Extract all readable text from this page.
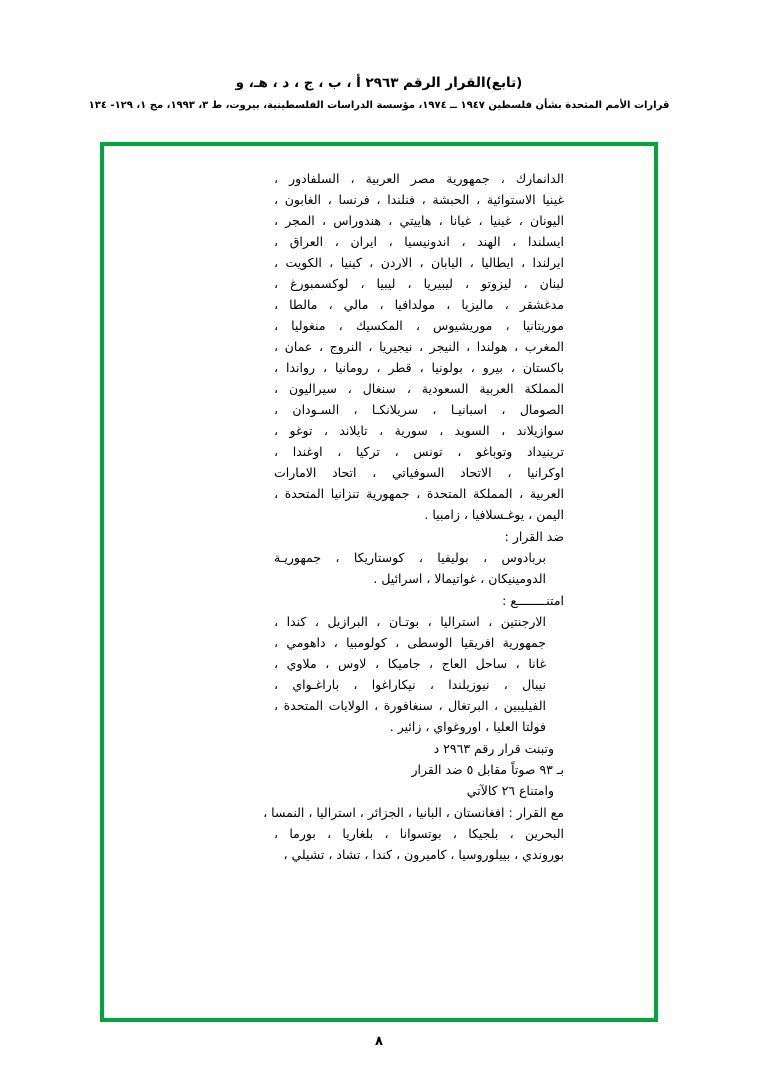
(تابع)القرار الرقم ٢٩٦٣ أ ، ب ، ج ، د ، هـ، و
قرارات الأمم المتحدة بشأن فلسطين ١٩٤٧ ــ ١٩٧٤، مؤسسة الدراسات الفلسطينية، بيروت، ط ٣، ١٩٩٣، مج ١، ١٢٩- ١٣٤
الدانمارك ، جمهورية مصر العربية ، السلفادور ،
غينيا الاستوائية ، الحبشة ، فنلندا ، فرنسا ، الغابون ،
اليونان ، غينيا ، غيانا ، هاييتي ، هندوراس ، المجر ،
ايسلندا ، الهند ، اندونيسيا ، ايران ، العراق ،
ايرلندا ، ايطاليا ، اليابان ، الاردن ، كينيا ، الكويت ،
لبنان ، ليزوتو ، ليبيريا ، ليبيا ، لوكسمبورغ ،
مدغشقر ، ماليزيا ، مولدافيا ، مالي ، مالطا ،
موريتانيا ، موريشيوس ، المكسيك ، منغوليا ،
المغرب ، هولندا ، النيجر ، نيجيريا ، النروج ، عمان ،
باكستان ، بيرو ، بولونيا ، قطر ، رومانيا ، رواندا ،
المملكة العربية السعودية ، سنغال ، سيراليون ،
الصومال ، اسبانيـا ، سريلانكـا ، السـودان ،
سوازيلاند ، السويد ، سورية ، تايلاند ، توغو ،
ترينيداد وتوباغو ، تونس ، تركيا ، اوغندا ،
اوكرانيا ، الاتحاد السوفياتي ، اتحاد الامارات
العربية ، المملكة المتحدة ، جمهورية تنزانيا المتحدة ،
اليمن ، يوغـسلافيا ، زامبيا .
ضد القرار :
بربادوس ، بوليفيا ، كوستاريكا ، جمهوريـة
الدومينيكان ، غواتيمالا ، اسرائيل .
امتنــــــــع :
الارجنتين ، استراليا ، بوتـان ، البرازيل ، كندا ،
جمهورية افريقيا الوسطى ، كولومبيا ، داهومي ،
غانا ، ساحل العاج ، جاميكا ، لاوس ، ملاوي ،
نيبال ، نيوزيلندا ، نيكاراغوا ، باراغـواي ،
الفيليبين ، البرتغال ، سنغافورة ، الولايات المتحدة ،
فولتا العليا ، اوروغواي ، زائير .
وتبنت قرار رقم ٢٩٦٣ د
بـ ٩٣ صوتاً مقابل ٥ ضد القرار
وامتناع ٢٦ كالآتي
مع القرار : افغانستان ، البانيا ، الجزائر ، استراليا ، النمسا ،
البحرين ، بلجيكا ، بوتسوانا ، بلغاريا ، بورما ،
بوروندي ، بييلوروسيا ، كاميرون ، كندا ، تشاد ، تشيلي ،
٨
